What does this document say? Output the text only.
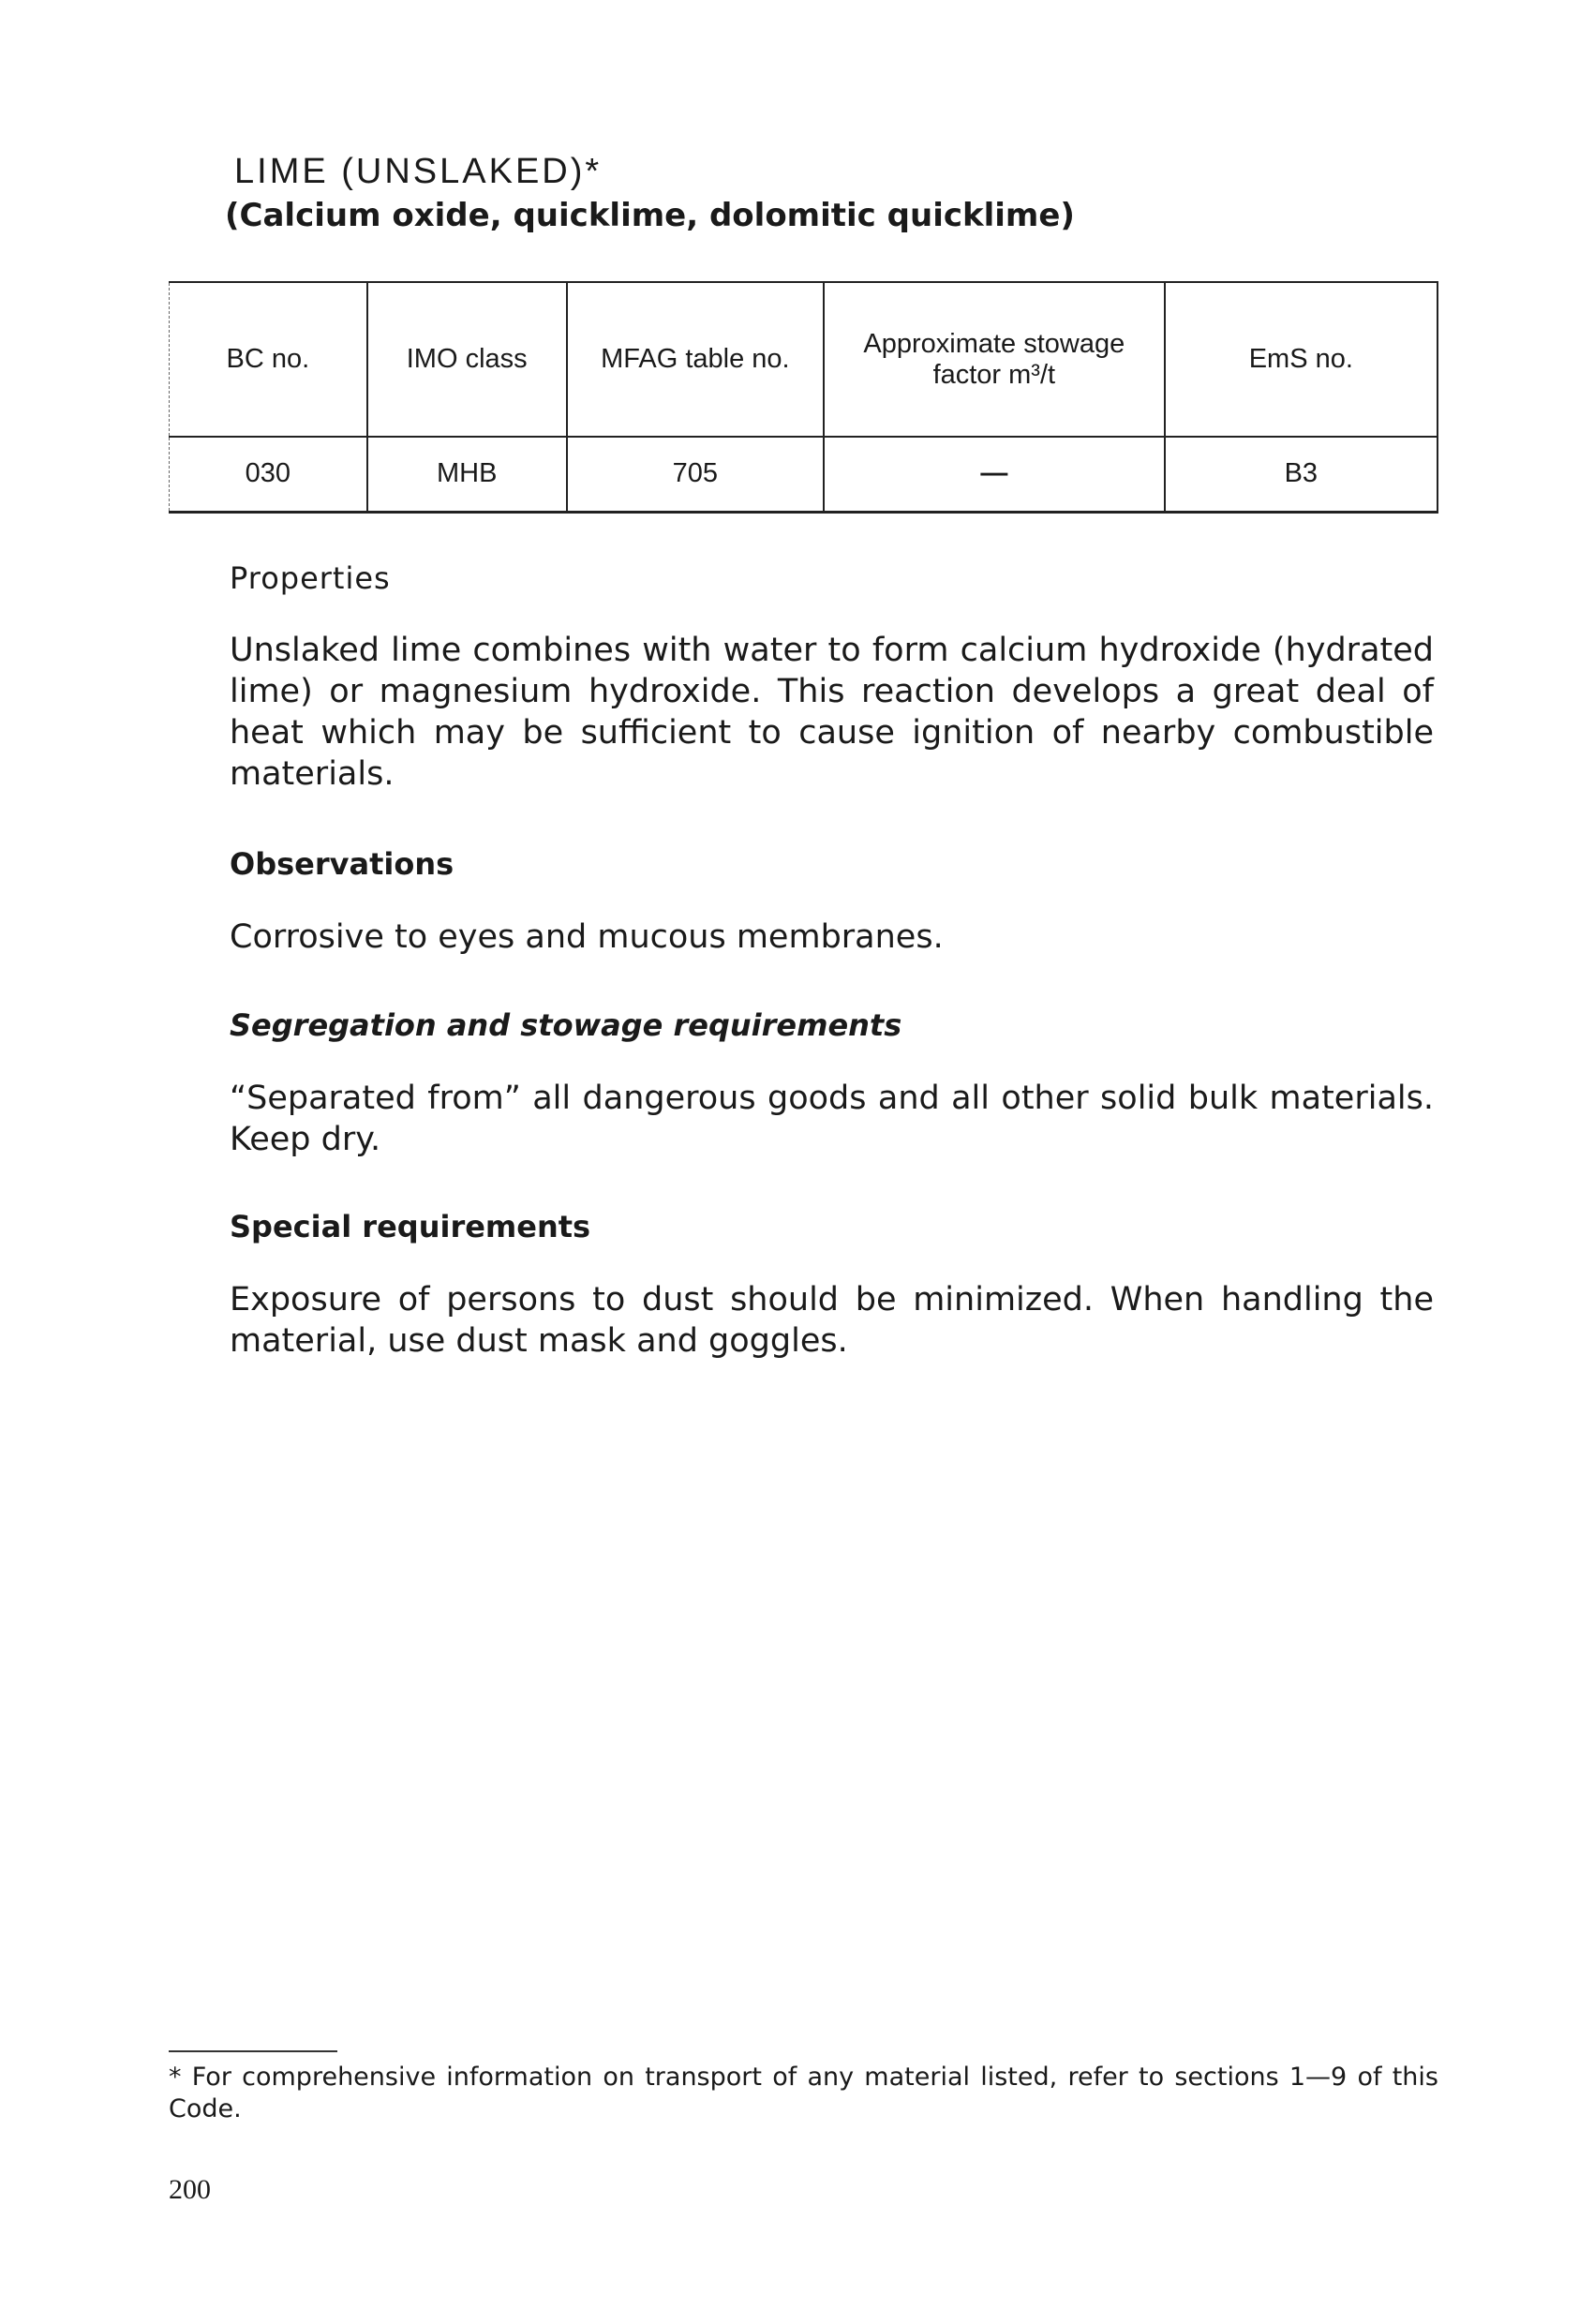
LIME (UNSLAKED)*
(Calcium oxide, quicklime, dolomitic quicklime)
BC no.	IMO class	MFAG table no.	Approximate stowage factor m³/t	EmS no.
030	MHB	705	—	B3
Properties

Unslaked lime combines with water to form calcium hydroxide (hydrated lime) or magnesium hydroxide. This reaction develops a great deal of heat which may be sufficient to cause ignition of nearby combustible materials.

Observations

Corrosive to eyes and mucous membranes.

Segregation and stowage requirements

“Separated from” all dangerous goods and all other solid bulk materials. Keep dry.

Special requirements

Exposure of persons to dust should be minimized. When handling the material, use dust mask and goggles.

* For comprehensive information on transport of any material listed, refer to sections 1—9 of this Code.

200
